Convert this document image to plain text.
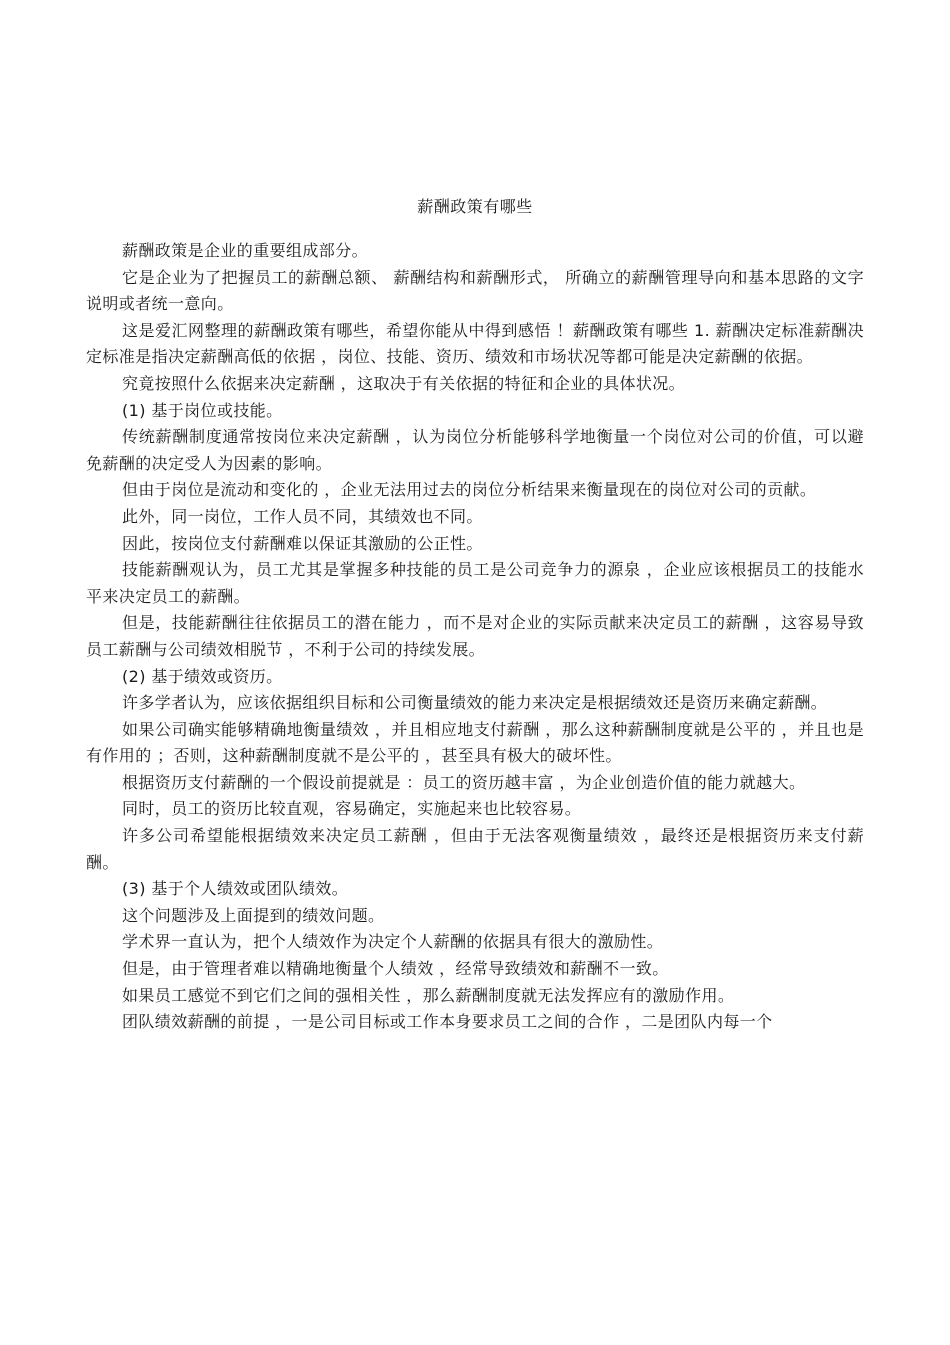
薪酬政策有哪些

薪酬政策是企业的重要组成部分。

它是企业为了把握员工的薪酬总额、 薪酬结构和薪酬形式， 所确立的薪酬管理导向和基本思路的文字说明或者统一意向。

这是爱汇网整理的薪酬政策有哪些，希望你能从中得到感悟 ！薪酬政策有哪些 1. 薪酬决定标准薪酬决定标准是指决定薪酬高低的依据 ，岗位、技能、资历、绩效和市场状况等都可能是决定薪酬的依据。

究竟按照什么依据来决定薪酬 ，这取决于有关依据的特征和企业的具体状况。

(1) 基于岗位或技能。

传统薪酬制度通常按岗位来决定薪酬 ，认为岗位分析能够科学地衡量一个岗位对公司的价值，可以避免薪酬的决定受人为因素的影响。

但由于岗位是流动和变化的 ，企业无法用过去的岗位分析结果来衡量现在的岗位对公司的贡献。

此外，同一岗位，工作人员不同，其绩效也不同。

因此，按岗位支付薪酬难以保证其激励的公正性。

技能薪酬观认为，员工尤其是掌握多种技能的员工是公司竞争力的源泉 ，企业应该根据员工的技能水平来决定员工的薪酬。

但是，技能薪酬往往依据员工的潜在能力 ，而不是对企业的实际贡献来决定员工的薪酬 ，这容易导致员工薪酬与公司绩效相脱节 ，不利于公司的持续发展。

(2) 基于绩效或资历。

许多学者认为，应该依据组织目标和公司衡量绩效的能力来决定是根据绩效还是资历来确定薪酬。

如果公司确实能够精确地衡量绩效 ，并且相应地支付薪酬 ，那么这种薪酬制度就是公平的 ，并且也是有作用的 ；否则，这种薪酬制度就不是公平的 ，甚至具有极大的破坏性。

根据资历支付薪酬的一个假设前提就是 ：员工的资历越丰富 ，为企业创造价值的能力就越大。

同时，员工的资历比较直观，容易确定，实施起来也比较容易。

许多公司希望能根据绩效来决定员工薪酬 ，但由于无法客观衡量绩效 ，最终还是根据资历来支付薪酬。

(3) 基于个人绩效或团队绩效。

这个问题涉及上面提到的绩效问题。

学术界一直认为，把个人绩效作为决定个人薪酬的依据具有很大的激励性。

但是，由于管理者难以精确地衡量个人绩效 ，经常导致绩效和薪酬不一致。

如果员工感觉不到它们之间的强相关性 ，那么薪酬制度就无法发挥应有的激励作用。

团队绩效薪酬的前提 ，一是公司目标或工作本身要求员工之间的合作 ，二是团队内每一个
